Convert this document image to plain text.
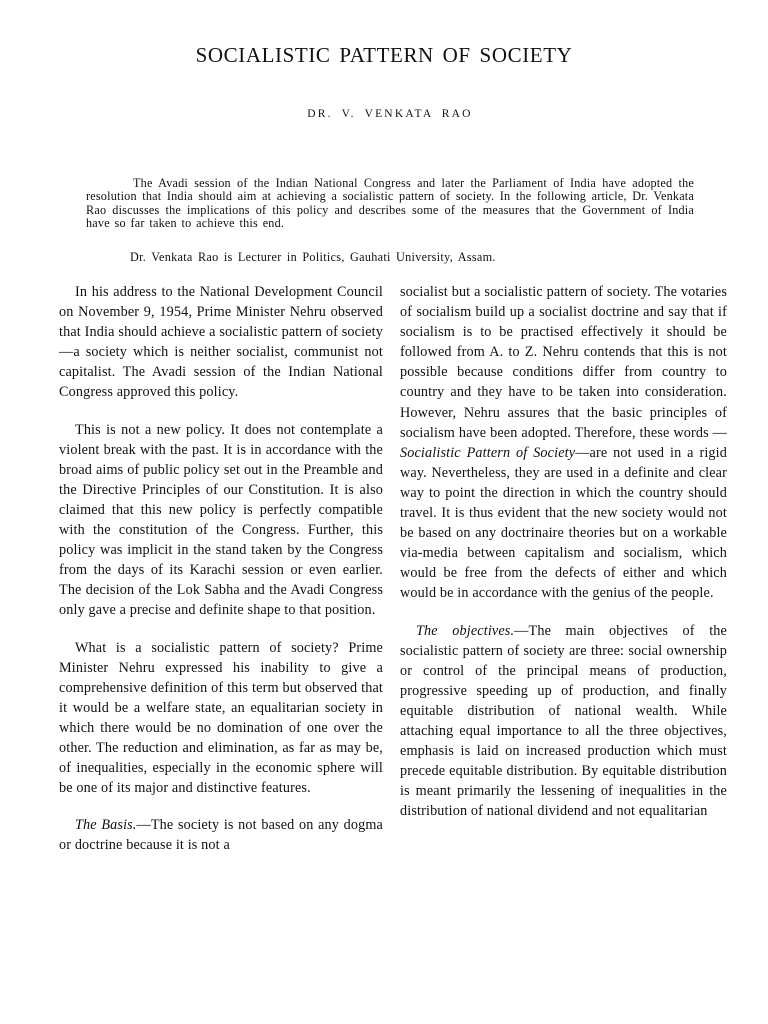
SOCIALISTIC PATTERN OF SOCIETY
DR. V. VENKATA RAO

The Avadi session of the Indian National Congress and later the Parliament of India have adopted the resolution that India should aim at achieving a socialistic pattern of society. In the following article, Dr. Venkata Rao discusses the implications of this policy and describes some of the measures that the Government of India have so far taken to achieve this end.

Dr. Venkata Rao is Lecturer in Politics, Gauhati University, Assam.

In his address to the National Development Council on November 9, 1954, Prime Minister Nehru observed that India should achieve a socialistic pattern of society—a society which is neither socialist, communist not capitalist. The Avadi session of the Indian National Congress approved this policy.

This is not a new policy. It does not contemplate a violent break with the past. It is in accordance with the broad aims of public policy set out in the Preamble and the Directive Principles of our Constitution. It is also claimed that this new policy is perfectly compatible with the constitution of the Congress. Further, this policy was implicit in the stand taken by the Congress from the days of its Karachi session or even earlier. The decision of the Lok Sabha and the Avadi Congress only gave a precise and definite shape to that position.

What is a socialistic pattern of society? Prime Minister Nehru expressed his inability to give a comprehensive definition of this term but observed that it would be a welfare state, an equalitarian society in which there would be no domination of one over the other. The reduction and elimination, as far as may be, of inequalities, especially in the economic sphere will be one of its major and distinctive features.

The Basis.—The society is not based on any dogma or doctrine because it is not a

socialist but a socialistic pattern of society. The votaries of socialism build up a socialist doctrine and say that if socialism is to be practised effectively it should be followed from A. to Z. Nehru contends that this is not possible because conditions differ from country to country and they have to be taken into consideration. However, Nehru assures that the basic principles of socialism have been adopted. Therefore, these words —Socialistic Pattern of Society—are not used in a rigid way. Nevertheless, they are used in a definite and clear way to point the direction in which the country should travel. It is thus evident that the new society would not be based on any doctrinaire theories but on a workable via-media between capitalism and socialism, which would be free from the defects of either and which would be in accordance with the genius of the people.

The objectives.—The main objectives of the socialistic pattern of society are three: social ownership or control of the principal means of production, progressive speeding up of production, and finally equitable distribution of national wealth. While attaching equal importance to all the three objectives, emphasis is laid on increased production which must precede equitable distribution. By equitable distribution is meant primarily the lessening of inequalities in the distribution of national dividend and not equalitarian
